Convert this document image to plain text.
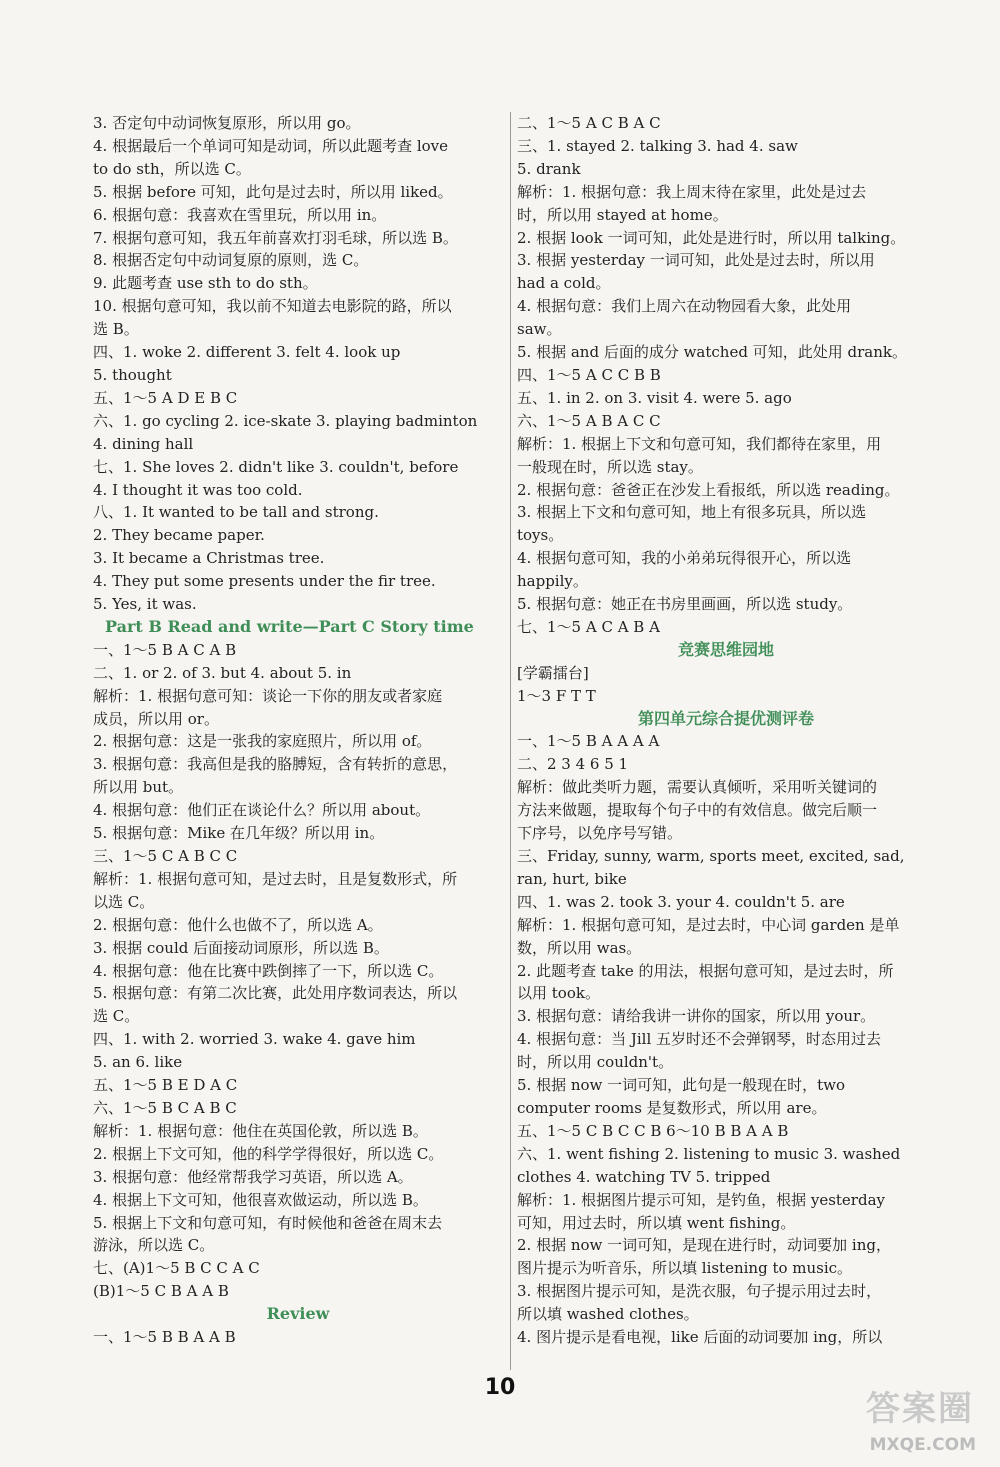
3. 否定句中动词恢复原形，所以用 go。
4. 根据最后一个单词可知是动词，所以此题考查 love
to do sth，所以选 C。
5. 根据 before 可知，此句是过去时，所以用 liked。
6. 根据句意：我喜欢在雪里玩，所以用 in。
7. 根据句意可知，我五年前喜欢打羽毛球，所以选 B。
8. 根据否定句中动词复原的原则，选 C。
9. 此题考查 use sth to do sth。
10. 根据句意可知，我以前不知道去电影院的路，所以
选 B。
四、1. woke 2. different 3. felt 4. look up
5. thought
五、1～5 A D E B C
六、1. go cycling 2. ice-skate 3. playing badminton
4. dining hall
七、1. She loves 2. didn't like 3. couldn't, before
4. I thought it was too cold.
八、1. It wanted to be tall and strong.
2. They became paper.
3. It became a Christmas tree.
4. They put some presents under the fir tree.
5. Yes, it was.
Part B Read and write—Part C Story time
一、1～5 B A C A B
二、1. or 2. of 3. but 4. about 5. in
解析：1. 根据句意可知：谈论一下你的朋友或者家庭
成员，所以用 or。
2. 根据句意：这是一张我的家庭照片，所以用 of。
3. 根据句意：我高但是我的胳膊短，含有转折的意思，
所以用 but。
4. 根据句意：他们正在谈论什么？所以用 about。
5. 根据句意：Mike 在几年级？所以用 in。
三、1～5 C A B C C
解析：1. 根据句意可知，是过去时，且是复数形式，所
以选 C。
2. 根据句意：他什么也做不了，所以选 A。
3. 根据 could 后面接动词原形，所以选 B。
4. 根据句意：他在比赛中跌倒摔了一下，所以选 C。
5. 根据句意：有第二次比赛，此处用序数词表达，所以
选 C。
四、1. with 2. worried 3. wake 4. gave him
5. an 6. like
五、1～5 B E D A C
六、1～5 B C A B C
解析：1. 根据句意：他住在英国伦敦，所以选 B。
2. 根据上下文可知，他的科学学得很好，所以选 C。
3. 根据句意：他经常帮我学习英语，所以选 A。
4. 根据上下文可知，他很喜欢做运动，所以选 B。
5. 根据上下文和句意可知，有时候他和爸爸在周末去
游泳，所以选 C。
七、(A)1～5 B C C A C
(B)1～5 C B A A B
Review
一、1～5 B B A A B
二、1～5 A C B A C
三、1. stayed 2. talking 3. had 4. saw
5. drank
解析：1. 根据句意：我上周末待在家里，此处是过去
时，所以用 stayed at home。
2. 根据 look 一词可知，此处是进行时，所以用 talking。
3. 根据 yesterday 一词可知，此处是过去时，所以用
had a cold。
4. 根据句意：我们上周六在动物园看大象，此处用
saw。
5. 根据 and 后面的成分 watched 可知，此处用 drank。
四、1～5 A C C B B
五、1. in 2. on 3. visit 4. were 5. ago
六、1～5 A B A C C
解析：1. 根据上下文和句意可知，我们都待在家里，用
一般现在时，所以选 stay。
2. 根据句意：爸爸正在沙发上看报纸，所以选 reading。
3. 根据上下文和句意可知，地上有很多玩具，所以选
toys。
4. 根据句意可知，我的小弟弟玩得很开心，所以选
happily。
5. 根据句意：她正在书房里画画，所以选 study。
七、1～5 A C A B A
竞赛思维园地
[学霸擂台]
1～3 F T T
第四单元综合提优测评卷
一、1～5 B A A A A
二、2 3 4 6 5 1
解析：做此类听力题，需要认真倾听，采用听关键词的
方法来做题，提取每个句子中的有效信息。做完后顺一
下序号，以免序号写错。
三、Friday, sunny, warm, sports meet, excited, sad,
ran, hurt, bike
四、1. was 2. took 3. your 4. couldn't 5. are
解析：1. 根据句意可知，是过去时，中心词 garden 是单
数，所以用 was。
2. 此题考查 take 的用法，根据句意可知，是过去时，所
以用 took。
3. 根据句意：请给我讲一讲你的国家，所以用 your。
4. 根据句意：当 Jill 五岁时还不会弹钢琴，时态用过去
时，所以用 couldn't。
5. 根据 now 一词可知，此句是一般现在时，two
computer rooms 是复数形式，所以用 are。
五、1～5 C B C C B 6～10 B B A A B
六、1. went fishing 2. listening to music 3. washed
clothes 4. watching TV 5. tripped
解析：1. 根据图片提示可知，是钓鱼，根据 yesterday
可知，用过去时，所以填 went fishing。
2. 根据 now 一词可知，是现在进行时，动词要加 ing，
图片提示为听音乐，所以填 listening to music。
3. 根据图片提示可知，是洗衣服，句子提示用过去时，
所以填 washed clothes。
4. 图片提示是看电视，like 后面的动词要加 ing，所以
10
答案圈
MXQE.COM
